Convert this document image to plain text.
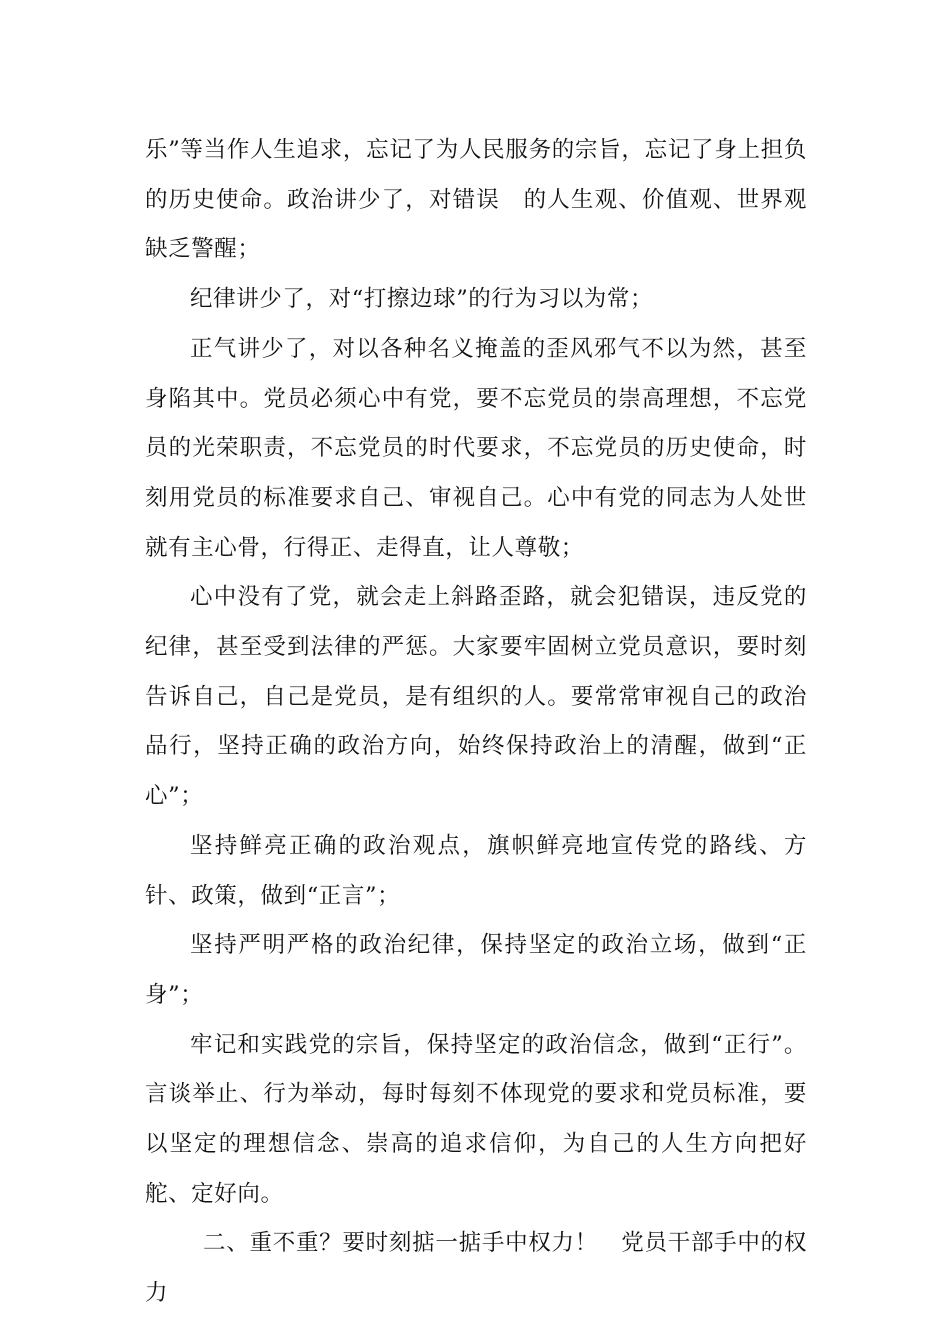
乐”等当作人生追求，忘记了为人民服务的宗旨，忘记了身上担负的历史使命。政治讲少了，对错误　的人生观、价值观、世界观缺乏警醒；

纪律讲少了，对“打擦边球”的行为习以为常；

正气讲少了，对以各种名义掩盖的歪风邪气不以为然，甚至身陷其中。党员必须心中有党，要不忘党员的崇高理想，不忘党员的光荣职责，不忘党员的时代要求，不忘党员的历史使命，时刻用党员的标准要求自己、审视自己。心中有党的同志为人处世就有主心骨，行得正、走得直，让人尊敬；

心中没有了党，就会走上斜路歪路，就会犯错误，违反党的纪律，甚至受到法律的严惩。大家要牢固树立党员意识，要时刻告诉自己，自己是党员，是有组织的人。要常常审视自己的政治品行，坚持正确的政治方向，始终保持政治上的清醒，做到“正心”；

坚持鲜亮正确的政治观点，旗帜鲜亮地宣传党的路线、方针、政策，做到“正言”；

坚持严明严格的政治纪律，保持坚定的政治立场，做到“正身”；

牢记和实践党的宗旨，保持坚定的政治信念，做到“正行”。言谈举止、行为举动，每时每刻不体现党的要求和党员标准，要以坚定的理想信念、崇高的追求信仰，为自己的人生方向把好舵、定好向。

二、重不重？要时刻掂一掂手中权力！　党员干部手中的权力
